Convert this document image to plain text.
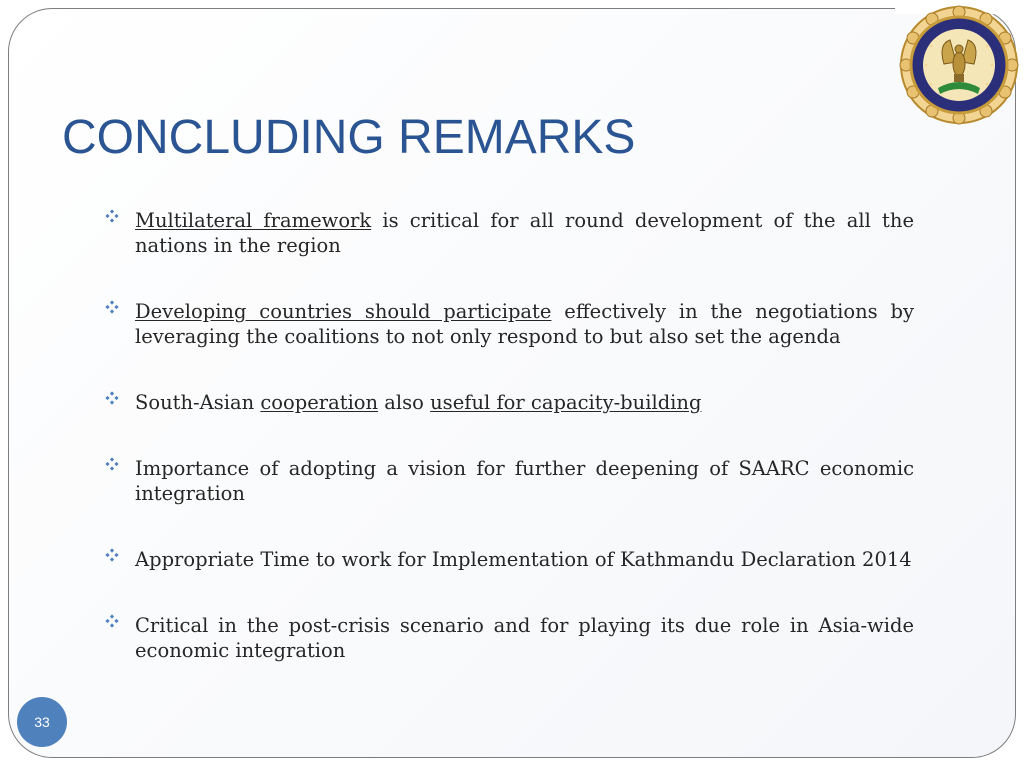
CONCLUDING REMARKS
Multilateral framework is critical for all round development of the all the nations in the region
Developing countries should participate effectively in the negotiations by leveraging the coalitions to not only respond to but also set the agenda
South-Asian cooperation also useful for capacity-building
Importance of adopting a vision for further deepening of SAARC economic integration
Appropriate Time to work for Implementation of Kathmandu Declaration 2014
Critical in the post-crisis scenario and for playing its due role in Asia-wide economic integration
33
